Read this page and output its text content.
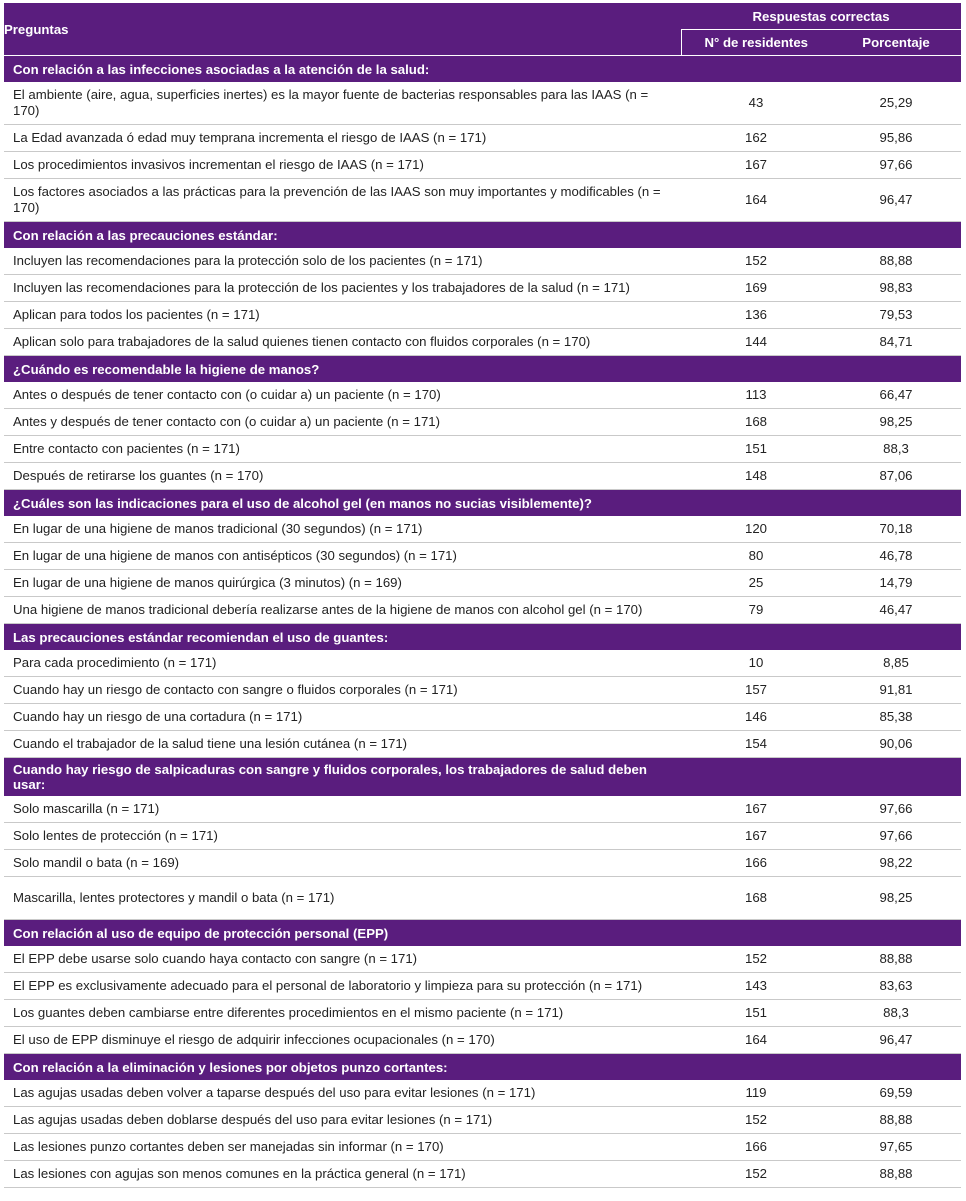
Preguntas	Respuestas correctas	
	N° de residentes	Porcentaje
Con relación a las infecciones asociadas a la atención de la salud:		
El ambiente (aire, agua, superficies inertes) es la mayor fuente de bacterias responsables para las IAAS (n = 170)	43	25,29
La Edad avanzada ó edad muy temprana incrementa el riesgo de IAAS (n = 171)	162	95,86
Los procedimientos invasivos incrementan el riesgo de IAAS (n = 171)	167	97,66
Los factores asociados a las prácticas para la prevención de las IAAS son muy importantes y modificables (n = 170)	164	96,47
Con relación a las precauciones estándar:		
Incluyen las recomendaciones para la protección solo de los pacientes (n = 171)	152	88,88
Incluyen las recomendaciones para la protección de los pacientes y los trabajadores de la salud (n = 171)	169	98,83
Aplican para todos los pacientes (n = 171)	136	79,53
Aplican solo para trabajadores de la salud quienes tienen contacto con fluidos corporales (n = 170)	144	84,71
¿Cuándo es recomendable la higiene de manos?		
Antes o después de tener contacto con (o cuidar a) un paciente (n = 170)	113	66,47
Antes y después de tener contacto con (o cuidar a) un paciente (n = 171)	168	98,25
Entre contacto con pacientes (n = 171)	151	88,3
Después de retirarse los guantes (n = 170)	148	87,06
¿Cuáles son las indicaciones para el uso de alcohol gel (en manos no sucias visiblemente)?		
En lugar de una higiene de manos tradicional (30 segundos) (n = 171)	120	70,18
En lugar de una higiene de manos con antisépticos (30 segundos) (n = 171)	80	46,78
En lugar de una higiene de manos quirúrgica (3 minutos) (n = 169)	25	14,79
Una higiene de manos tradicional debería realizarse antes de la higiene de manos con alcohol gel (n = 170)	79	46,47
Las precauciones estándar recomiendan el uso de guantes:		
Para cada procedimiento (n = 171)	10	8,85
Cuando hay un riesgo de contacto con sangre o fluidos corporales (n = 171)	157	91,81
Cuando hay un riesgo de una cortadura (n = 171)	146	85,38
Cuando el trabajador de la salud tiene una lesión cutánea (n = 171)	154	90,06
Cuando hay riesgo de salpicaduras con sangre y fluidos corporales, los trabajadores de salud deben usar:		
Solo mascarilla (n = 171)	167	97,66
Solo lentes de protección (n = 171)	167	97,66
Solo mandil o bata (n = 169)	166	98,22
Mascarilla, lentes protectores y mandil o bata (n = 171)	168	98,25
Con relación al uso de equipo de protección personal (EPP)		
El EPP debe usarse solo cuando haya contacto con sangre (n = 171)	152	88,88
El EPP es exclusivamente adecuado para el personal de laboratorio y limpieza para su protección (n = 171)	143	83,63
Los guantes deben cambiarse entre diferentes procedimientos en el mismo paciente (n = 171)	151	88,3
El uso de EPP disminuye el riesgo de adquirir infecciones ocupacionales (n = 170)	164	96,47
Con relación a la eliminación y lesiones por objetos punzo cortantes:		
Las agujas usadas deben volver a taparse después del uso para evitar lesiones (n = 171)	119	69,59
Las agujas usadas deben doblarse después del uso para evitar lesiones (n = 171)	152	88,88
Las lesiones punzo cortantes deben ser manejadas sin informar (n = 170)	166	97,65
Las lesiones con agujas son menos comunes en la práctica general (n = 171)	152	88,88
